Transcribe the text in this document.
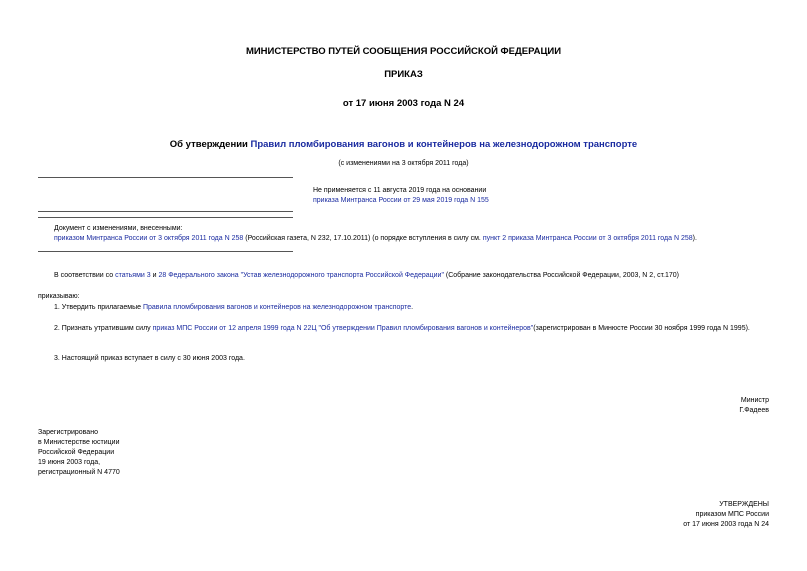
МИНИСТЕРСТВО ПУТЕЙ СООБЩЕНИЯ РОССИЙСКОЙ ФЕДЕРАЦИИ
ПРИКАЗ
от 17 июня 2003 года N 24
Об утверждении Правил пломбирования вагонов и контейнеров на железнодорожном транспорте
(с изменениями на 3 октября 2011 года)
Не применяется с 11 августа 2019 года на основании
приказа Минтранса России от 29 мая 2019 года N 155
Документ с изменениями, внесенными:
приказом Минтранса России от 3 октября 2011 года N 258 (Российская газета, N 232, 17.10.2011) (о порядке вступления в силу см. пункт 2 приказа Минтранса России от 3 октября 2011 года N 258).
В соответствии со статьями 3 и 28 Федерального закона "Устав железнодорожного транспорта Российской Федерации" (Собрание законодательства Российской Федерации, 2003, N 2, ст.170)
приказываю:
1. Утвердить прилагаемые Правила пломбирования вагонов и контейнеров на железнодорожном транспорте.
2. Признать утратившим силу приказ МПС России от 12 апреля 1999 года N 22Ц "Об утверждении Правил пломбирования вагонов и контейнеров"(зарегистрирован в Минюсте России 30 ноября 1999 года N 1995).
3. Настоящий приказ вступает в силу с 30 июня 2003 года.
Министр
Г.Фадеев
Зарегистрировано
в Министерстве юстиции
Российской Федерации
19 июня 2003 года,
регистрационный N 4770
УТВЕРЖДЕНЫ
приказом МПС России
от 17 июня 2003 года N 24
